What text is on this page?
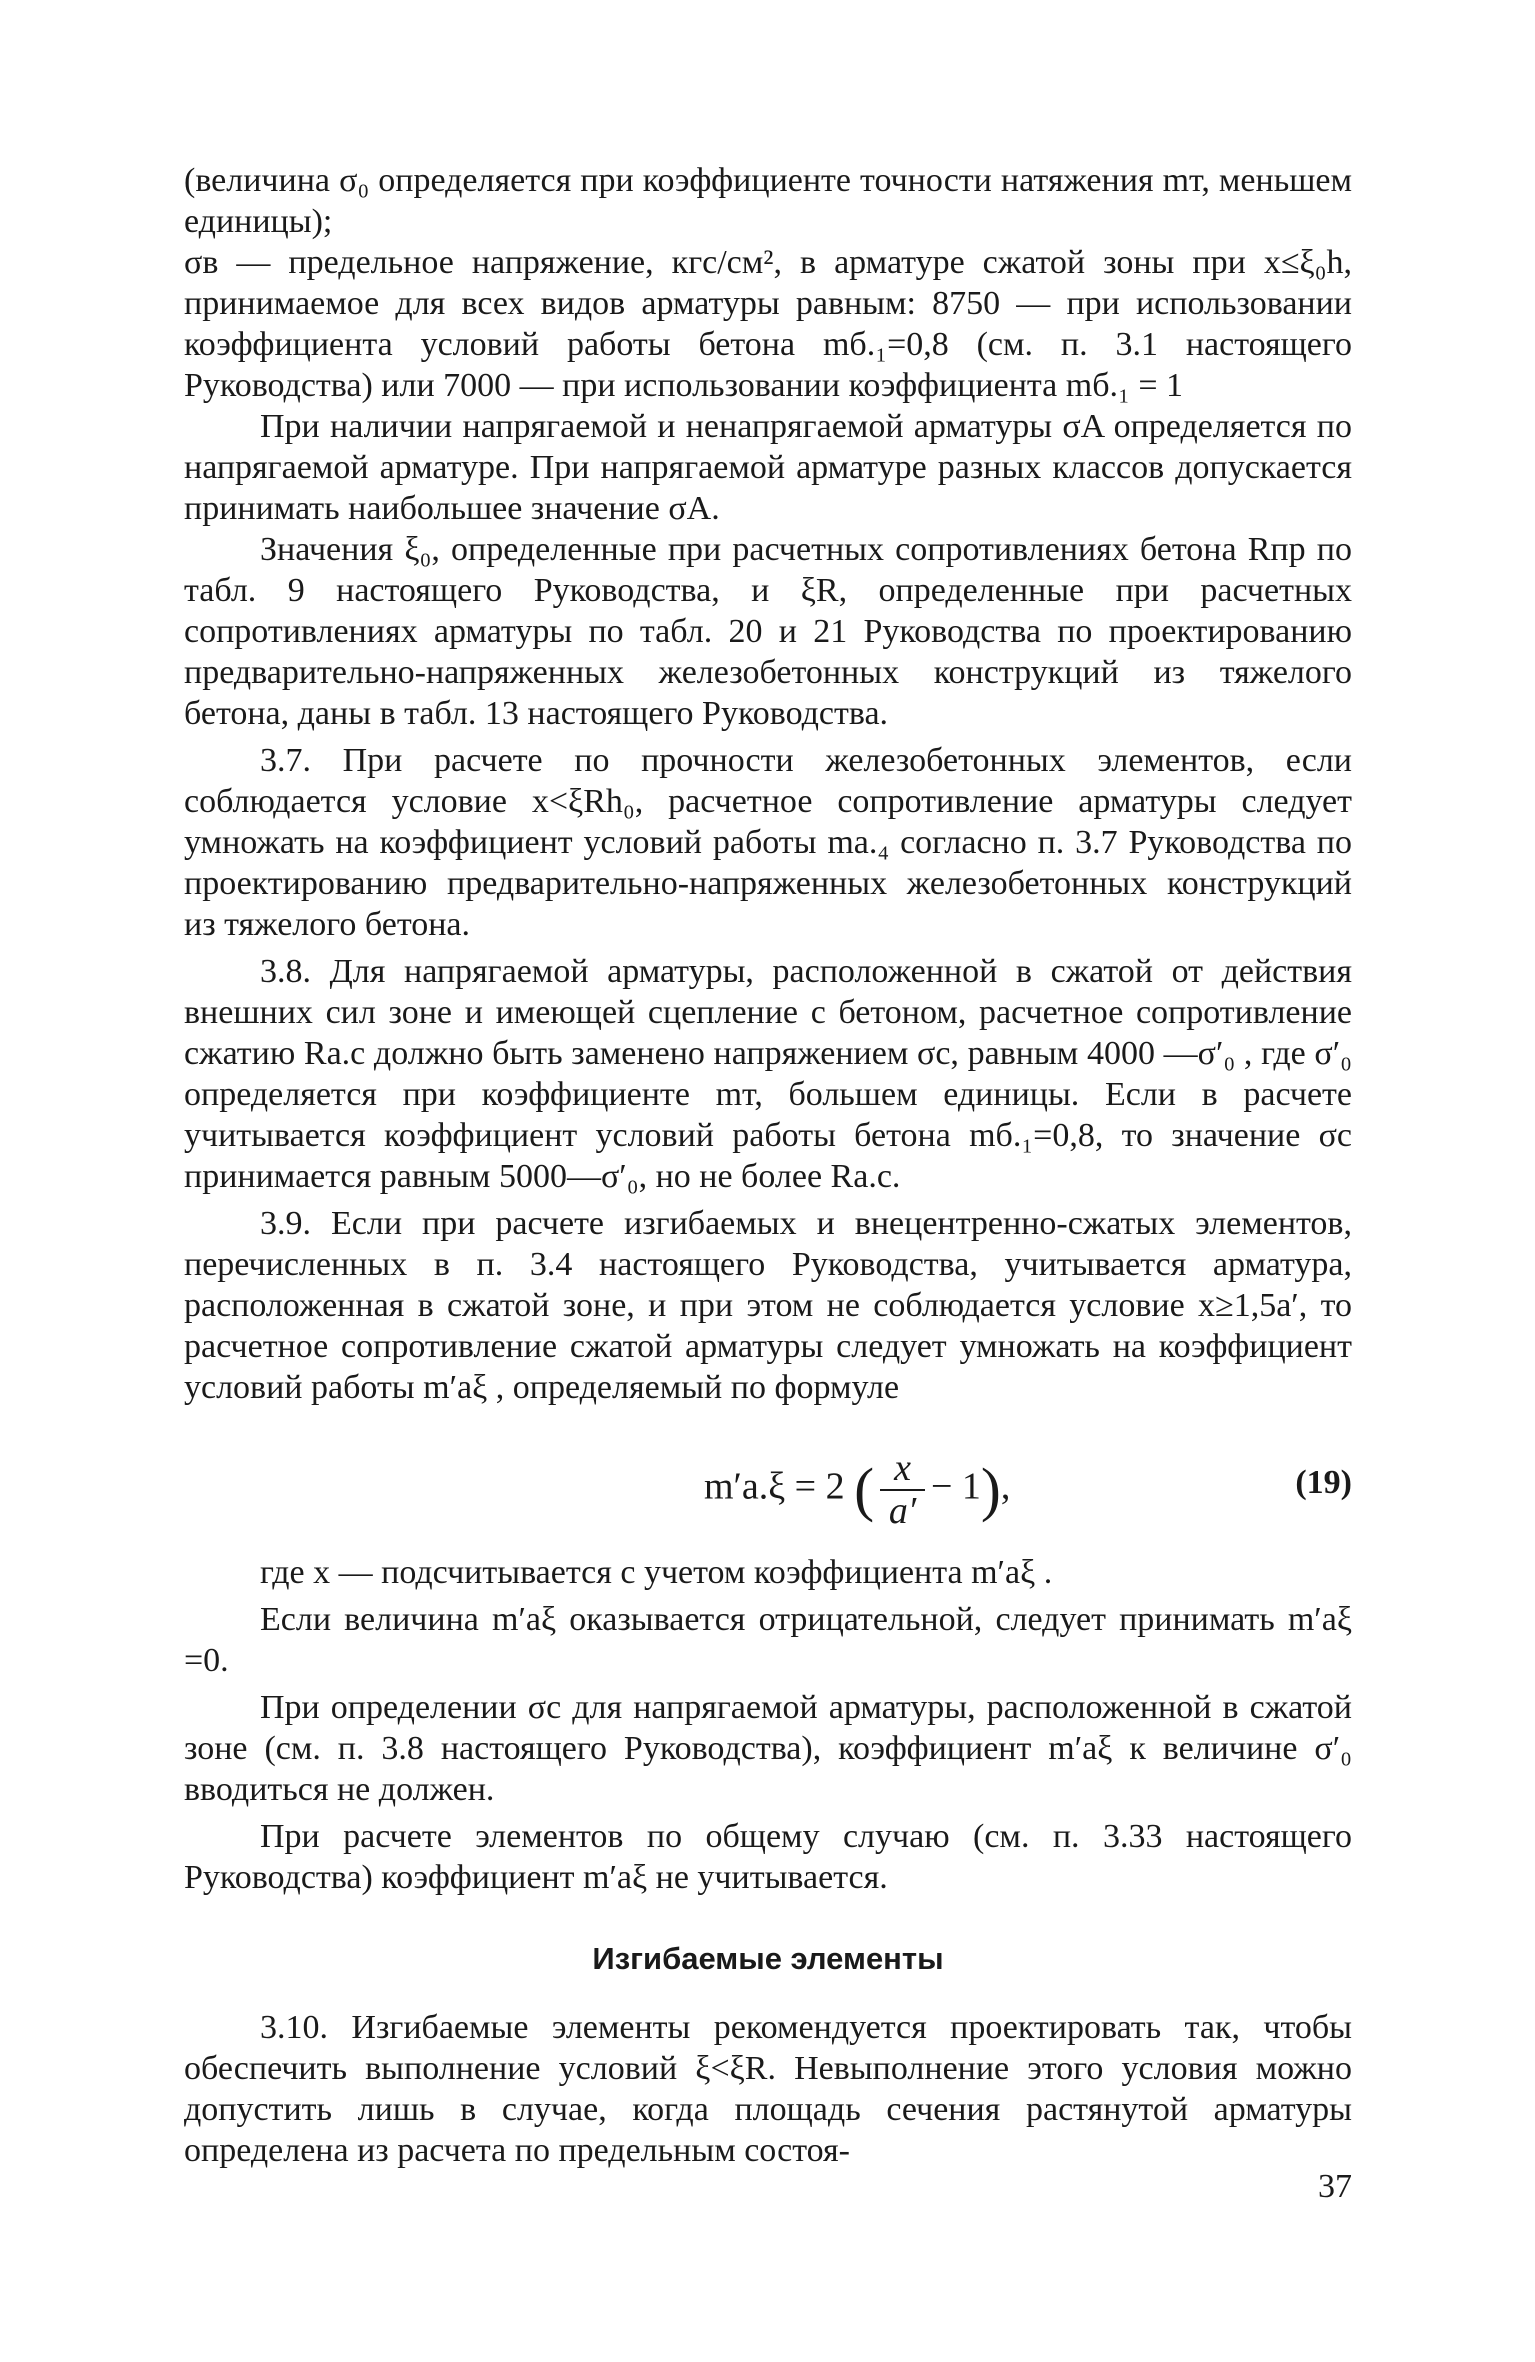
(величина σ₀ определяется при коэффициенте точности натяжения mт, меньшем единицы);

σв — предельное напряжение, кгс/см², в арматуре сжатой зоны при x≤ξ₀h, принимаемое для всех видов арматуры равным: 8750 — при использовании коэффициента условий работы бетона mб.₁=0,8 (см. п. 3.1 настоящего Руководства) или 7000 — при использовании коэффициента mб.₁ = 1

При наличии напрягаемой и ненапрягаемой арматуры σA определяется по напрягаемой арматуре. При напрягаемой арматуре разных классов допускается принимать наибольшее значение σA.

Значения ξ₀, определенные при расчетных сопротивлениях бетона Rпр по табл. 9 настоящего Руководства, и ξR, определенные при расчетных сопротивлениях арматуры по табл. 20 и 21 Руководства по проектированию предварительно-напряженных железобетонных конструкций из тяжелого бетона, даны в табл. 13 настоящего Руководства.

3.7. При расчете по прочности железобетонных элементов, если соблюдается условие x<ξRh₀, расчетное сопротивление арматуры следует умножать на коэффициент условий работы mа.₄ согласно п. 3.7 Руководства по проектированию предварительно-напряженных железобетонных конструкций из тяжелого бетона.

3.8. Для напрягаемой арматуры, расположенной в сжатой от действия внешних сил зоне и имеющей сцепление с бетоном, расчетное сопротивление сжатию Rа.с должно быть заменено напряжением σс, равным 4000 —σ′₀ , где σ′₀ определяется при коэффициенте mт, большем единицы. Если в расчете учитывается коэффициент условий работы бетона mб.₁=0,8, то значение σс принимается равным 5000—σ′₀, но не более Rа.с.

3.9. Если при расчете изгибаемых и внецентренно-сжатых элементов, перечисленных в п. 3.4 настоящего Руководства, учитывается арматура, расположенная в сжатой зоне, и при этом не соблюдается условие x≥1,5a′, то расчетное сопротивление сжатой арматуры следует умножать на коэффициент условий работы m′аξ , определяемый по формуле

m′а.ξ = 2 ( $\frac{x}{a'} - 1$),	(19)

где x — подсчитывается с учетом коэффициента m′аξ .

Если величина m′аξ оказывается отрицательной, следует принимать m′аξ =0.

При определении σс для напрягаемой арматуры, расположенной в сжатой зоне (см. п. 3.8 настоящего Руководства), коэффициент m′аξ к величине σ′₀ вводиться не должен.

При расчете элементов по общему случаю (см. п. 3.33 настоящего Руководства) коэффициент m′аξ не учитывается.

Изгибаемые элементы

3.10. Изгибаемые элементы рекомендуется проектировать так, чтобы обеспечить выполнение условий ξ<ξR. Невыполнение этого условия можно допустить лишь в случае, когда площадь сечения растянутой арматуры определена из расчета по предельным состоя-

37
